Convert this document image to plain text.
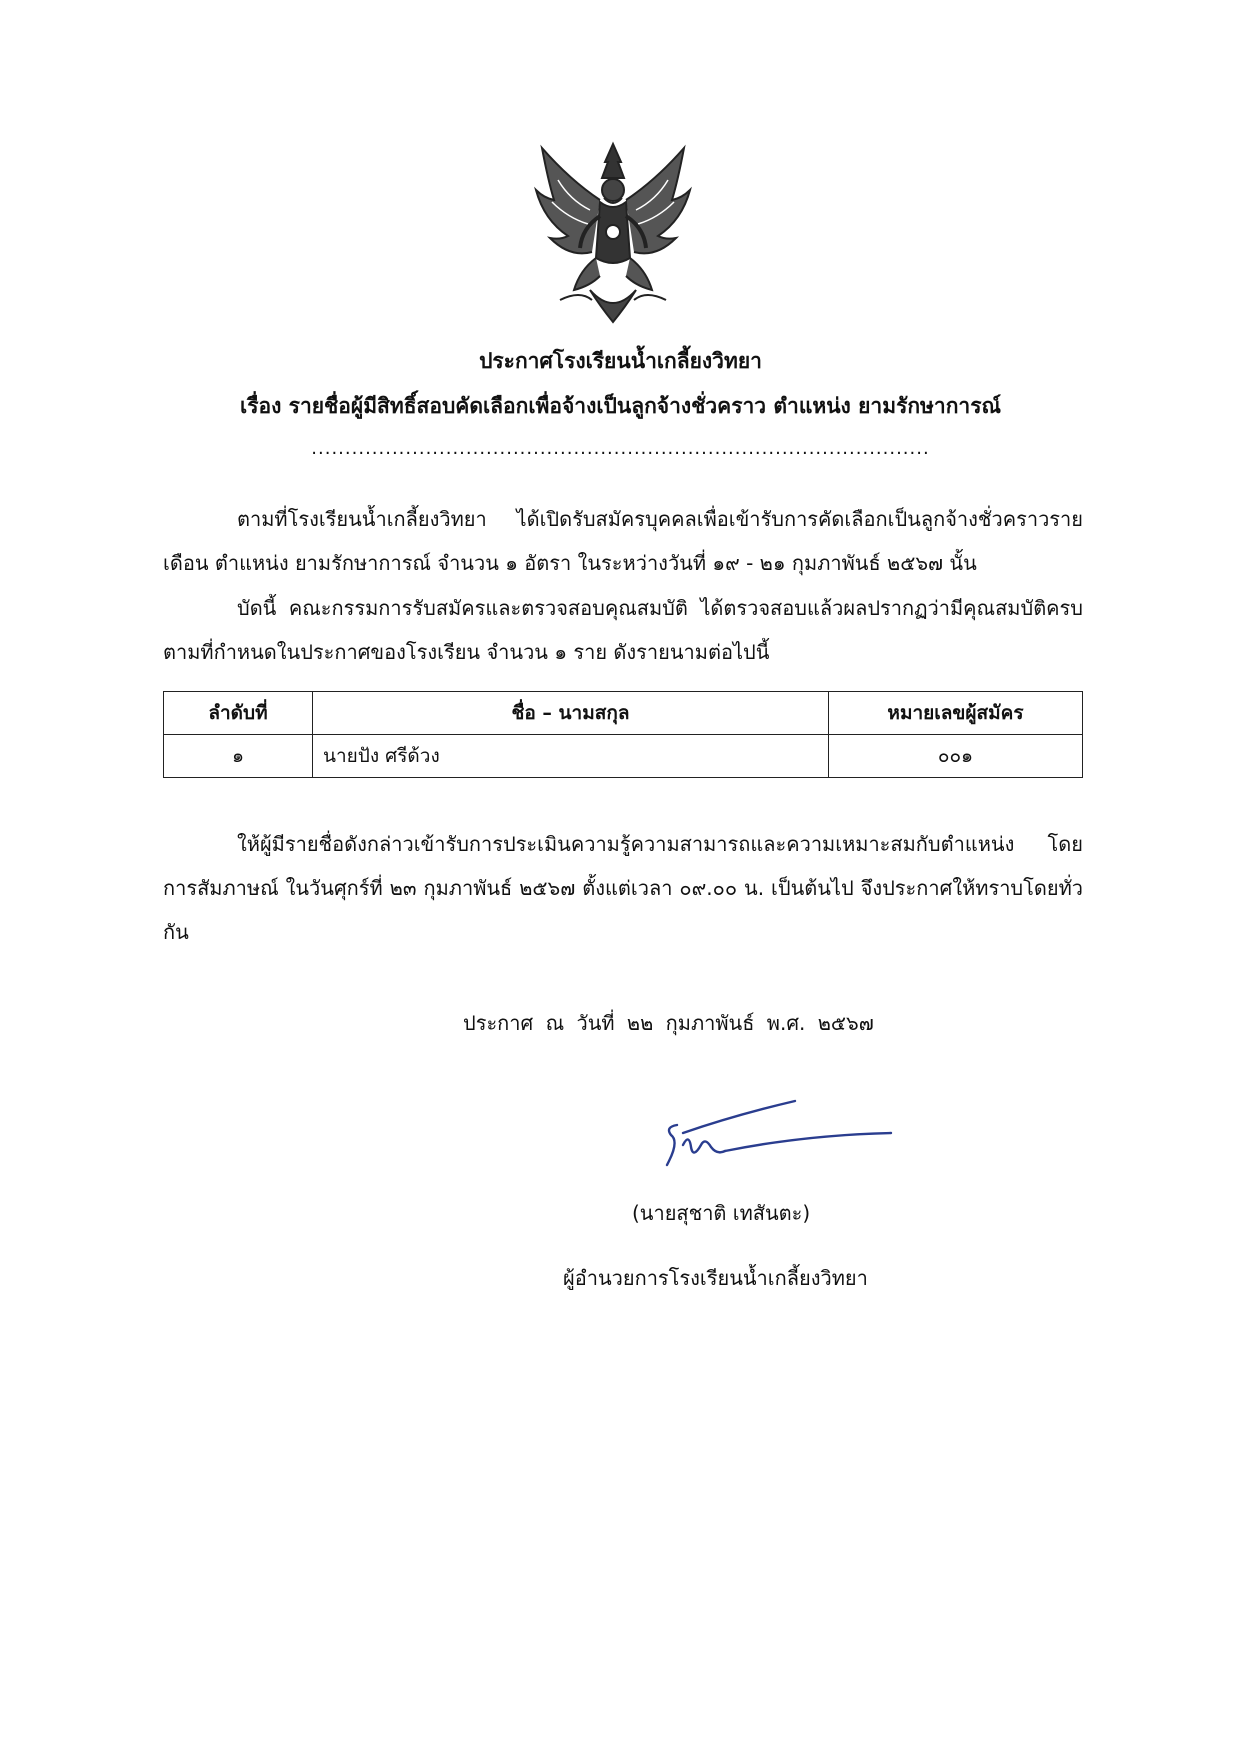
ประกาศโรงเรียนน้ำเกลี้ยงวิทยา
เรื่อง รายชื่อผู้มีสิทธิ์สอบคัดเลือกเพื่อจ้างเป็นลูกจ้างชั่วคราว ตำแหน่ง ยามรักษาการณ์
............................................................................................
ตามที่โรงเรียนน้ำเกลี้ยงวิทยา ได้เปิดรับสมัครบุคคลเพื่อเข้ารับการคัดเลือกเป็นลูกจ้างชั่วคราวรายเดือน ตำแหน่ง ยามรักษาการณ์ จำนวน ๑ อัตรา ในระหว่างวันที่ ๑๙ - ๒๑ กุมภาพันธ์ ๒๕๖๗ นั้น
บัดนี้ คณะกรรมการรับสมัครและตรวจสอบคุณสมบัติ ได้ตรวจสอบแล้วผลปรากฏว่ามีคุณสมบัติครบตามที่กำหนดในประกาศของโรงเรียน จำนวน ๑ ราย ดังรายนามต่อไปนี้
ลำดับที่	ชื่อ – นามสกุล	หมายเลขผู้สมัคร
๑	นายปัง ศรีด้วง	๐๐๑
ให้ผู้มีรายชื่อดังกล่าวเข้ารับการประเมินความรู้ความสามารถและความเหมาะสมกับตำแหน่ง โดยการสัมภาษณ์ ในวันศุกร์ที่ ๒๓ กุมภาพันธ์ ๒๕๖๗ ตั้งแต่เวลา ๐๙.๐๐ น. เป็นต้นไป จึงประกาศให้ทราบโดยทั่วกัน
ประกาศ ณ วันที่ ๒๒ กุมภาพันธ์ พ.ศ. ๒๕๖๗
(นายสุชาติ เทสันตะ)
ผู้อำนวยการโรงเรียนน้ำเกลี้ยงวิทยา
